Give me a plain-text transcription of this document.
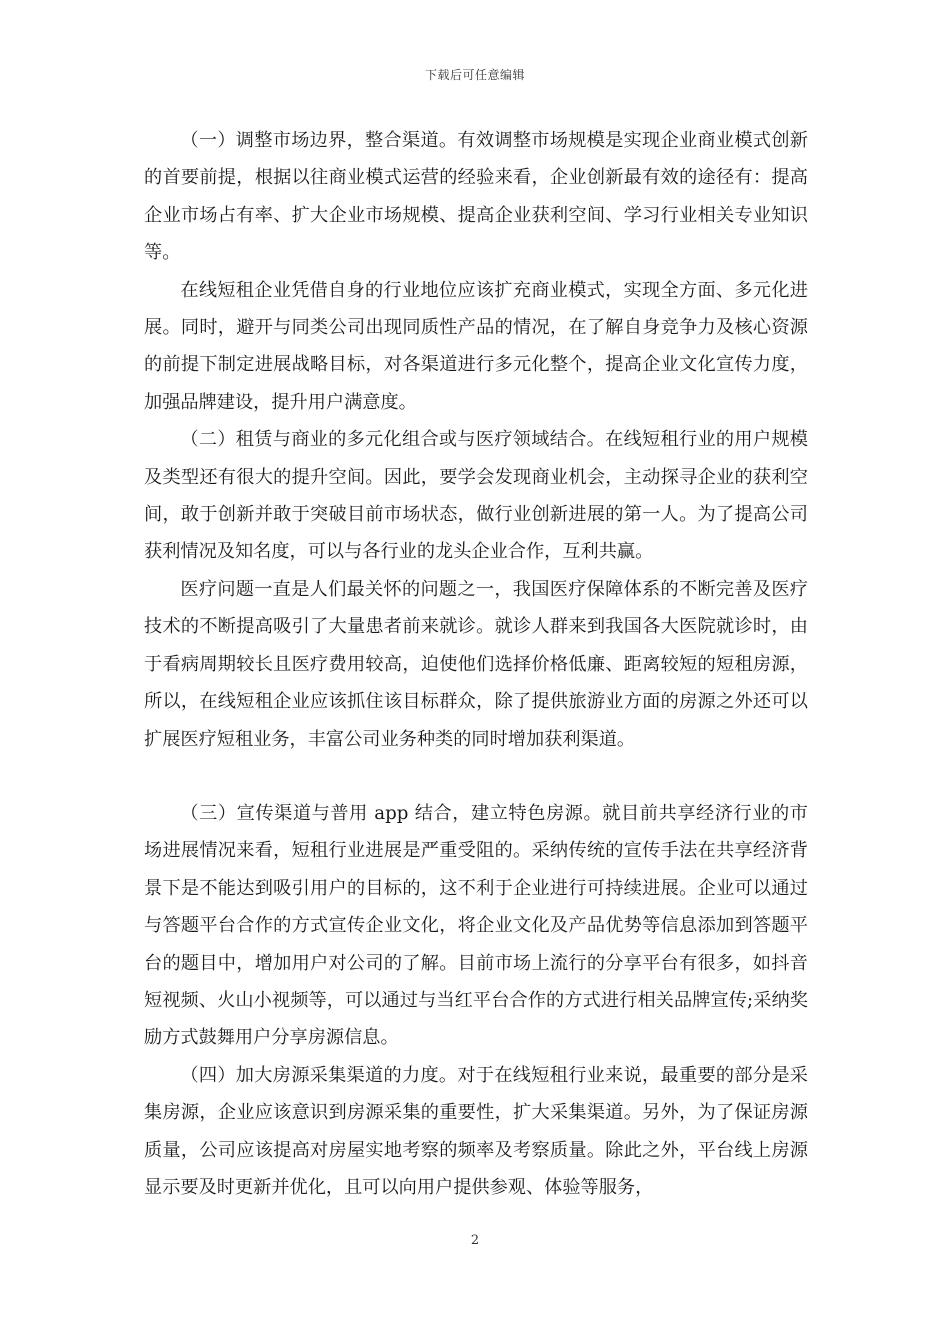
下载后可任意编辑

（一）调整市场边界，整合渠道。有效调整市场规模是实现企业商业模式创新的首要前提，根据以往商业模式运营的经验来看，企业创新最有效的途径有：提高企业市场占有率、扩大企业市场规模、提高企业获利空间、学习行业相关专业知识等。

在线短租企业凭借自身的行业地位应该扩充商业模式，实现全方面、多元化进展。同时，避开与同类公司出现同质性产品的情况，在了解自身竞争力及核心资源的前提下制定进展战略目标，对各渠道进行多元化整个，提高企业文化宣传力度，加强品牌建设，提升用户满意度。

（二）租赁与商业的多元化组合或与医疗领域结合。在线短租行业的用户规模及类型还有很大的提升空间。因此，要学会发现商业机会，主动探寻企业的获利空间，敢于创新并敢于突破目前市场状态，做行业创新进展的第一人。为了提高公司获利情况及知名度，可以与各行业的龙头企业合作，互利共赢。

医疗问题一直是人们最关怀的问题之一，我国医疗保障体系的不断完善及医疗技术的不断提高吸引了大量患者前来就诊。就诊人群来到我国各大医院就诊时，由于看病周期较长且医疗费用较高，迫使他们选择价格低廉、距离较短的短租房源，所以，在线短租企业应该抓住该目标群众，除了提供旅游业方面的房源之外还可以扩展医疗短租业务，丰富公司业务种类的同时增加获利渠道。

（三）宣传渠道与普用 app 结合，建立特色房源。就目前共享经济行业的市场进展情况来看，短租行业进展是严重受阻的。采纳传统的宣传手法在共享经济背景下是不能达到吸引用户的目标的，这不利于企业进行可持续进展。企业可以通过与答题平台合作的方式宣传企业文化，将企业文化及产品优势等信息添加到答题平台的题目中，增加用户对公司的了解。目前市场上流行的分享平台有很多，如抖音短视频、火山小视频等，可以通过与当红平台合作的方式进行相关品牌宣传;采纳奖励方式鼓舞用户分享房源信息。

（四）加大房源采集渠道的力度。对于在线短租行业来说，最重要的部分是采集房源，企业应该意识到房源采集的重要性，扩大采集渠道。另外，为了保证房源质量，公司应该提高对房屋实地考察的频率及考察质量。除此之外，平台线上房源显示要及时更新并优化，且可以向用户提供参观、体验等服务，

2
